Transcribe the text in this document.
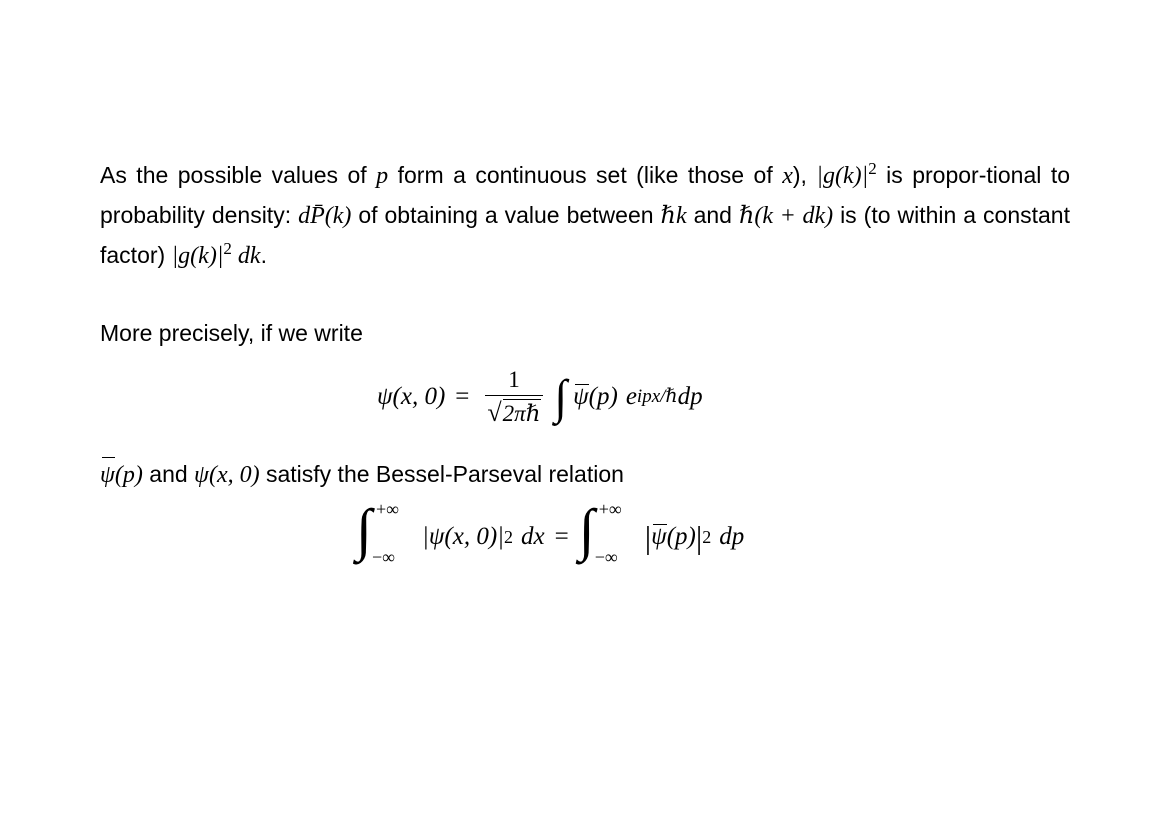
As the possible values of p form a continuous set (like those of x), $|g(k)|^2$ is propor-tional to probability density: dP̄(k) of obtaining a value between ℏk and ℏ(k + dk) is (to within a constant factor) $|g(k)|^2$ dk.

More precisely, if we write

ψ(x, $0) = \frac{1}{\text{√ 2πℏ}}$ ∫ ψ (p) e ipx/ℏ dp

ψ(p) and ψ(x, 0) satisfy the Bessel-Parseval relation

∫ +∞
−∞
|ψ(x, 0)| 2 dx = ∫ +∞
−∞
| ψ (p) | 2 dp
